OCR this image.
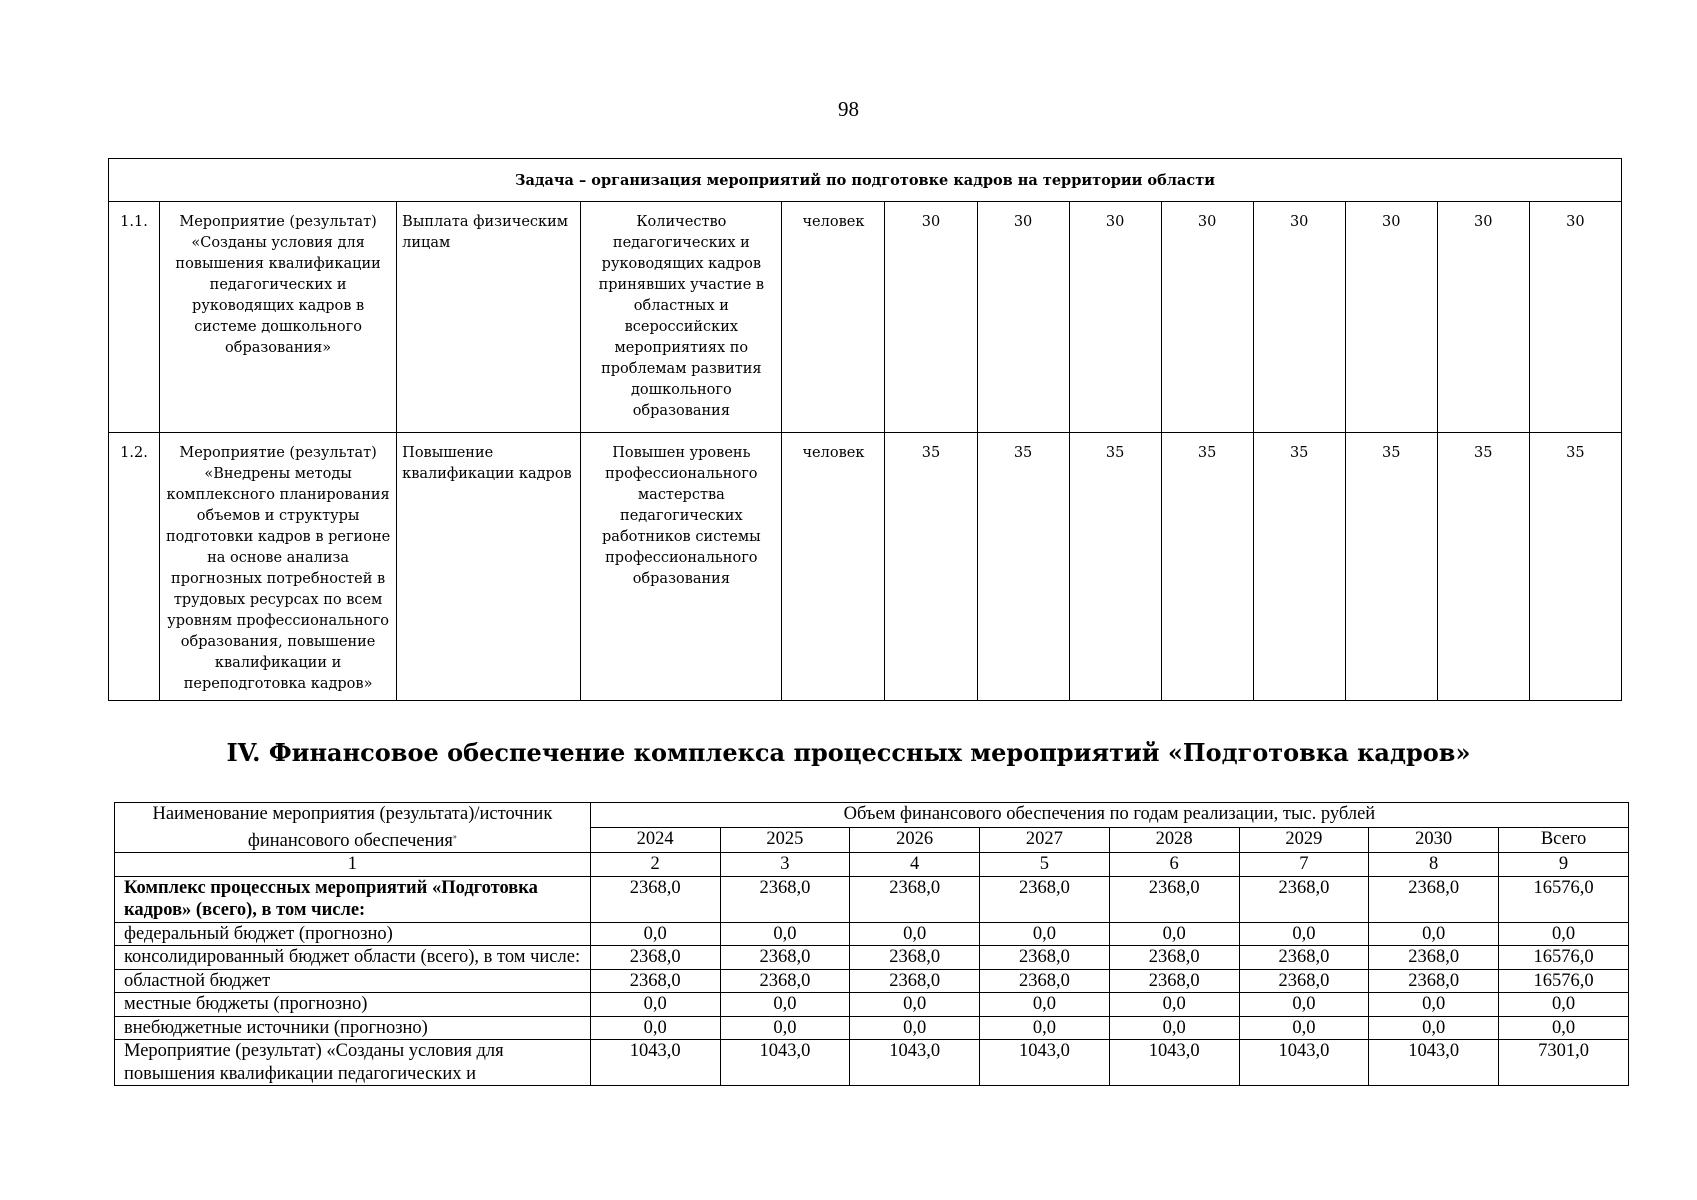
98
Задача – организация мероприятий по подготовке кадров на территории области												
1.1.	Мероприятие (результат) «Созданы условия для повышения квалификации педагогических и руководящих кадров в системе дошкольного образования»	Выплата физическим лицам	Количество педагогических и руководящих кадров принявших участие в областных и всероссийских мероприятиях по проблемам развития дошкольного образования	человек	30	30	30	30	30	30	30	30
1.2.	Мероприятие (результат) «Внедрены методы комплексного планирования объемов и структуры подготовки кадров в регионе на основе анализа прогнозных потребностей в трудовых ресурсах по всем уровням профессионального образования, повышение квалификации и переподготовка кадров»	Повышение квалификации кадров	Повышен уровень профессионального мастерства педагогических работников системы профессионального образования	человек	35	35	35	35	35	35	35	35
IV. Финансовое обеспечение комплекса процессных мероприятий «Подготовка кадров»
Наименование мероприятия (результата)/источник финансового обеспечения»	Объем финансового обеспечения по годам реализации, тыс. рублей							
	2024	2025	2026	2027	2028	2029	2030	Всего
1	2	3	4	5	6	7	8	9
Комплекс процессных мероприятий «Подготовка кадров» (всего), в том числе:	2368,0	2368,0	2368,0	2368,0	2368,0	2368,0	2368,0	16576,0
федеральный бюджет (прогнозно)	0,0	0,0	0,0	0,0	0,0	0,0	0,0	0,0
консолидированный бюджет области (всего), в том числе:	2368,0	2368,0	2368,0	2368,0	2368,0	2368,0	2368,0	16576,0
областной бюджет	2368,0	2368,0	2368,0	2368,0	2368,0	2368,0	2368,0	16576,0
местные бюджеты (прогнозно)	0,0	0,0	0,0	0,0	0,0	0,0	0,0	0,0
внебюджетные источники (прогнозно)	0,0	0,0	0,0	0,0	0,0	0,0	0,0	0,0
Мероприятие (результат) «Созданы условия для повышения квалификации педагогических и	1043,0	1043,0	1043,0	1043,0	1043,0	1043,0	1043,0	7301,0
